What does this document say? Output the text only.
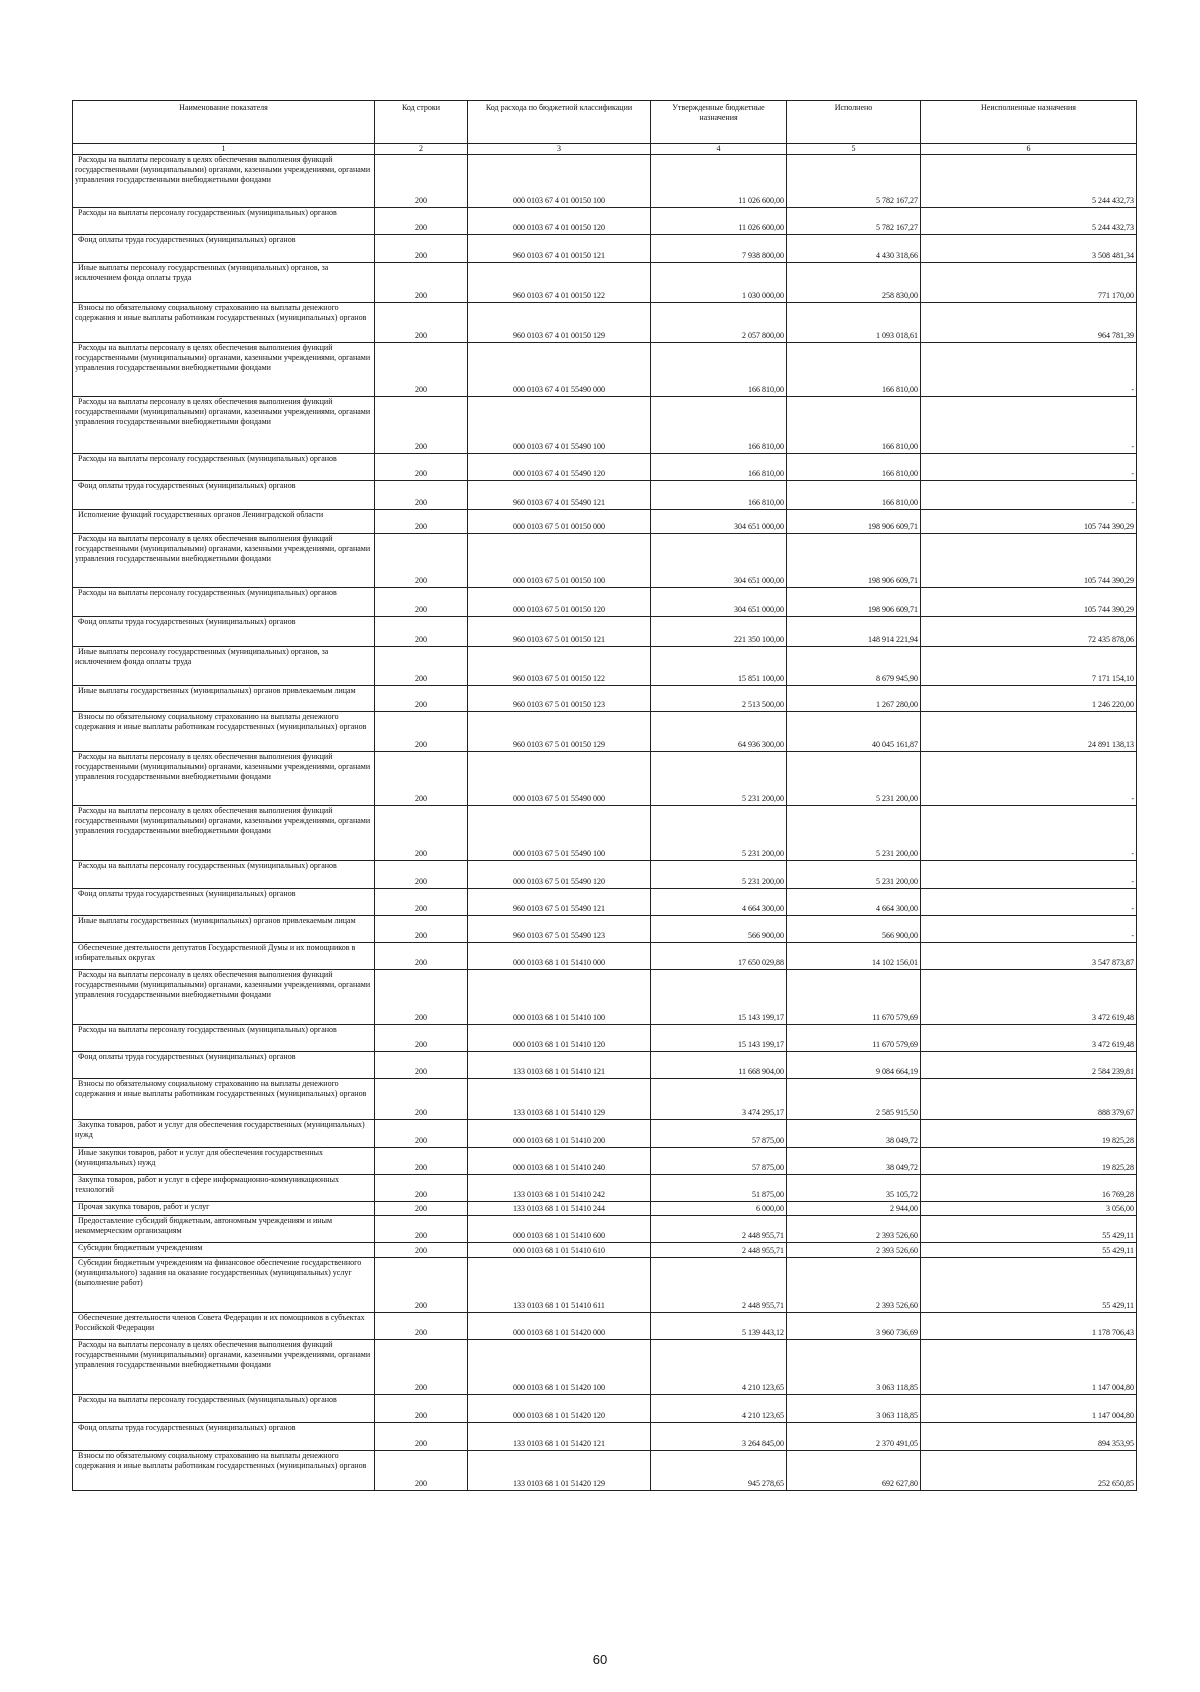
Наименование показателя	Код строки	Код расхода по бюджетной классификации	Утвержденные бюджетные назначения	Исполнено	Неисполненные назначения
1	2	3	4	5	6
Расходы на выплаты персоналу в целях обеспечения выполнения функций государственными (муниципальными) органами, казенными учреждениями, органами управления государственными внебюджетными фондами	200	000 0103 67 4 01 00150 100	11 026 600,00	5 782 167,27	5 244 432,73
Расходы на выплаты персоналу государственных (муниципальных) органов	200	000 0103 67 4 01 00150 120	11 026 600,00	5 782 167,27	5 244 432,73
Фонд оплаты труда государственных (муниципальных) органов	200	960 0103 67 4 01 00150 121	7 938 800,00	4 430 318,66	3 508 481,34
Иные выплаты персоналу государственных (муниципальных) органов, за исключением фонда оплаты труда	200	960 0103 67 4 01 00150 122	1 030 000,00	258 830,00	771 170,00
Взносы по обязательному социальному страхованию на выплаты денежного содержания и иные выплаты работникам государственных (муниципальных) органов	200	960 0103 67 4 01 00150 129	2 057 800,00	1 093 018,61	964 781,39
Расходы на выплаты персоналу в целях обеспечения выполнения функций государственными (муниципальными) органами, казенными учреждениями, органами управления государственными внебюджетными фондами	200	000 0103 67 4 01 55490 000	166 810,00	166 810,00	-
Расходы на выплаты персоналу в целях обеспечения выполнения функций государственными (муниципальными) органами, казенными учреждениями, органами управления государственными внебюджетными фондами	200	000 0103 67 4 01 55490 100	166 810,00	166 810,00	-
Расходы на выплаты персоналу государственных (муниципальных) органов	200	000 0103 67 4 01 55490 120	166 810,00	166 810,00	-
Фонд оплаты труда государственных (муниципальных) органов	200	960 0103 67 4 01 55490 121	166 810,00	166 810,00	-
Исполнение функций государственных органов Ленинградской области	200	000 0103 67 5 01 00150 000	304 651 000,00	198 906 609,71	105 744 390,29
Расходы на выплаты персоналу в целях обеспечения выполнения функций государственными (муниципальными) органами, казенными учреждениями, органами управления государственными внебюджетными фондами	200	000 0103 67 5 01 00150 100	304 651 000,00	198 906 609,71	105 744 390,29
Расходы на выплаты персоналу государственных (муниципальных) органов	200	000 0103 67 5 01 00150 120	304 651 000,00	198 906 609,71	105 744 390,29
Фонд оплаты труда государственных (муниципальных) органов	200	960 0103 67 5 01 00150 121	221 350 100,00	148 914 221,94	72 435 878,06
Иные выплаты персоналу государственных (муниципальных) органов, за исключением фонда оплаты труда	200	960 0103 67 5 01 00150 122	15 851 100,00	8 679 945,90	7 171 154,10
Иные выплаты государственных (муниципальных) органов привлекаемым лицам	200	960 0103 67 5 01 00150 123	2 513 500,00	1 267 280,00	1 246 220,00
Взносы по обязательному социальному страхованию на выплаты денежного содержания и иные выплаты работникам государственных (муниципальных) органов	200	960 0103 67 5 01 00150 129	64 936 300,00	40 045 161,87	24 891 138,13
Расходы на выплаты персоналу в целях обеспечения выполнения функций государственными (муниципальными) органами, казенными учреждениями, органами управления государственными внебюджетными фондами	200	000 0103 67 5 01 55490 000	5 231 200,00	5 231 200,00	-
Расходы на выплаты персоналу в целях обеспечения выполнения функций государственными (муниципальными) органами, казенными учреждениями, органами управления государственными внебюджетными фондами	200	000 0103 67 5 01 55490 100	5 231 200,00	5 231 200,00	-
Расходы на выплаты персоналу государственных (муниципальных) органов	200	000 0103 67 5 01 55490 120	5 231 200,00	5 231 200,00	-
Фонд оплаты труда государственных (муниципальных) органов	200	960 0103 67 5 01 55490 121	4 664 300,00	4 664 300,00	-
Иные выплаты государственных (муниципальных) органов привлекаемым лицам	200	960 0103 67 5 01 55490 123	566 900,00	566 900,00	-
Обеспечение деятельности депутатов Государственной Думы и их помощников в избирательных округах	200	000 0103 68 1 01 51410 000	17 650 029,88	14 102 156,01	3 547 873,87
Расходы на выплаты персоналу в целях обеспечения выполнения функций государственными (муниципальными) органами, казенными учреждениями, органами управления государственными внебюджетными фондами	200	000 0103 68 1 01 51410 100	15 143 199,17	11 670 579,69	3 472 619,48
Расходы на выплаты персоналу государственных (муниципальных) органов	200	000 0103 68 1 01 51410 120	15 143 199,17	11 670 579,69	3 472 619,48
Фонд оплаты труда государственных (муниципальных) органов	200	133 0103 68 1 01 51410 121	11 668 904,00	9 084 664,19	2 584 239,81
Взносы по обязательному социальному страхованию на выплаты денежного содержания и иные выплаты работникам государственных (муниципальных) органов	200	133 0103 68 1 01 51410 129	3 474 295,17	2 585 915,50	888 379,67
Закупка товаров, работ и услуг для обеспечения государственных (муниципальных) нужд	200	000 0103 68 1 01 51410 200	57 875,00	38 049,72	19 825,28
Иные закупки товаров, работ и услуг для обеспечения государственных (муниципальных) нужд	200	000 0103 68 1 01 51410 240	57 875,00	38 049,72	19 825,28
Закупка товаров, работ и услуг в сфере информационно-коммуникационных технологий	200	133 0103 68 1 01 51410 242	51 875,00	35 105,72	16 769,28
Прочая закупка товаров, работ и услуг	200	133 0103 68 1 01 51410 244	6 000,00	2 944,00	3 056,00
Предоставление субсидий бюджетным, автономным учреждениям и иным некоммерческим организациям	200	000 0103 68 1 01 51410 600	2 448 955,71	2 393 526,60	55 429,11
Субсидии бюджетным учреждениям	200	000 0103 68 1 01 51410 610	2 448 955,71	2 393 526,60	55 429,11
Субсидии бюджетным учреждениям на финансовое обеспечение государственного (муниципального) задания на оказание государственных (муниципальных) услуг (выполнение работ)	200	133 0103 68 1 01 51410 611	2 448 955,71	2 393 526,60	55 429,11
Обеспечение деятельности членов Совета Федерации и их помощников в субъектах Российской Федерации	200	000 0103 68 1 01 51420 000	5 139 443,12	3 960 736,69	1 178 706,43
Расходы на выплаты персоналу в целях обеспечения выполнения функций государственными (муниципальными) органами, казенными учреждениями, органами управления государственными внебюджетными фондами	200	000 0103 68 1 01 51420 100	4 210 123,65	3 063 118,85	1 147 004,80
Расходы на выплаты персоналу государственных (муниципальных) органов	200	000 0103 68 1 01 51420 120	4 210 123,65	3 063 118,85	1 147 004,80
Фонд оплаты труда государственных (муниципальных) органов	200	133 0103 68 1 01 51420 121	3 264 845,00	2 370 491,05	894 353,95
Взносы по обязательному социальному страхованию на выплаты денежного содержания и иные выплаты работникам государственных (муниципальных) органов	200	133 0103 68 1 01 51420 129	945 278,65	692 627,80	252 650,85
60
